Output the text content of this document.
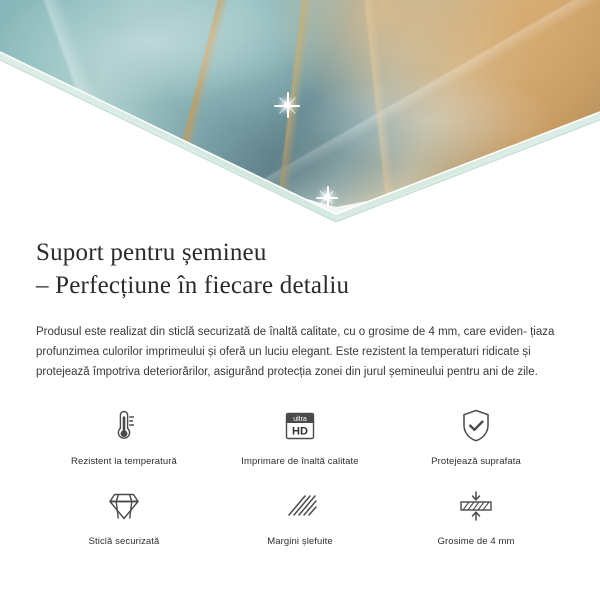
Suport pentru șemineu
– Perfecțiune în fiecare detaliu

Produsul este realizat din sticlă securizată de înaltă calitate, cu o grosime de 4 mm, care eviden- țiaza profunzimea culorilor imprimeului și oferă un luciu elegant. Este rezistent la temperaturi ridicate și protejează împotriva deteriorărilor, asigurând protecția zonei din jurul șemineului pentru ani de zile.

Rezistent la temperatură
ultra
HD
Imprimare de înaltă calitate	Protejează suprafata
Sticlă securizată	Margini șlefuite	Grosime de 4 mm
